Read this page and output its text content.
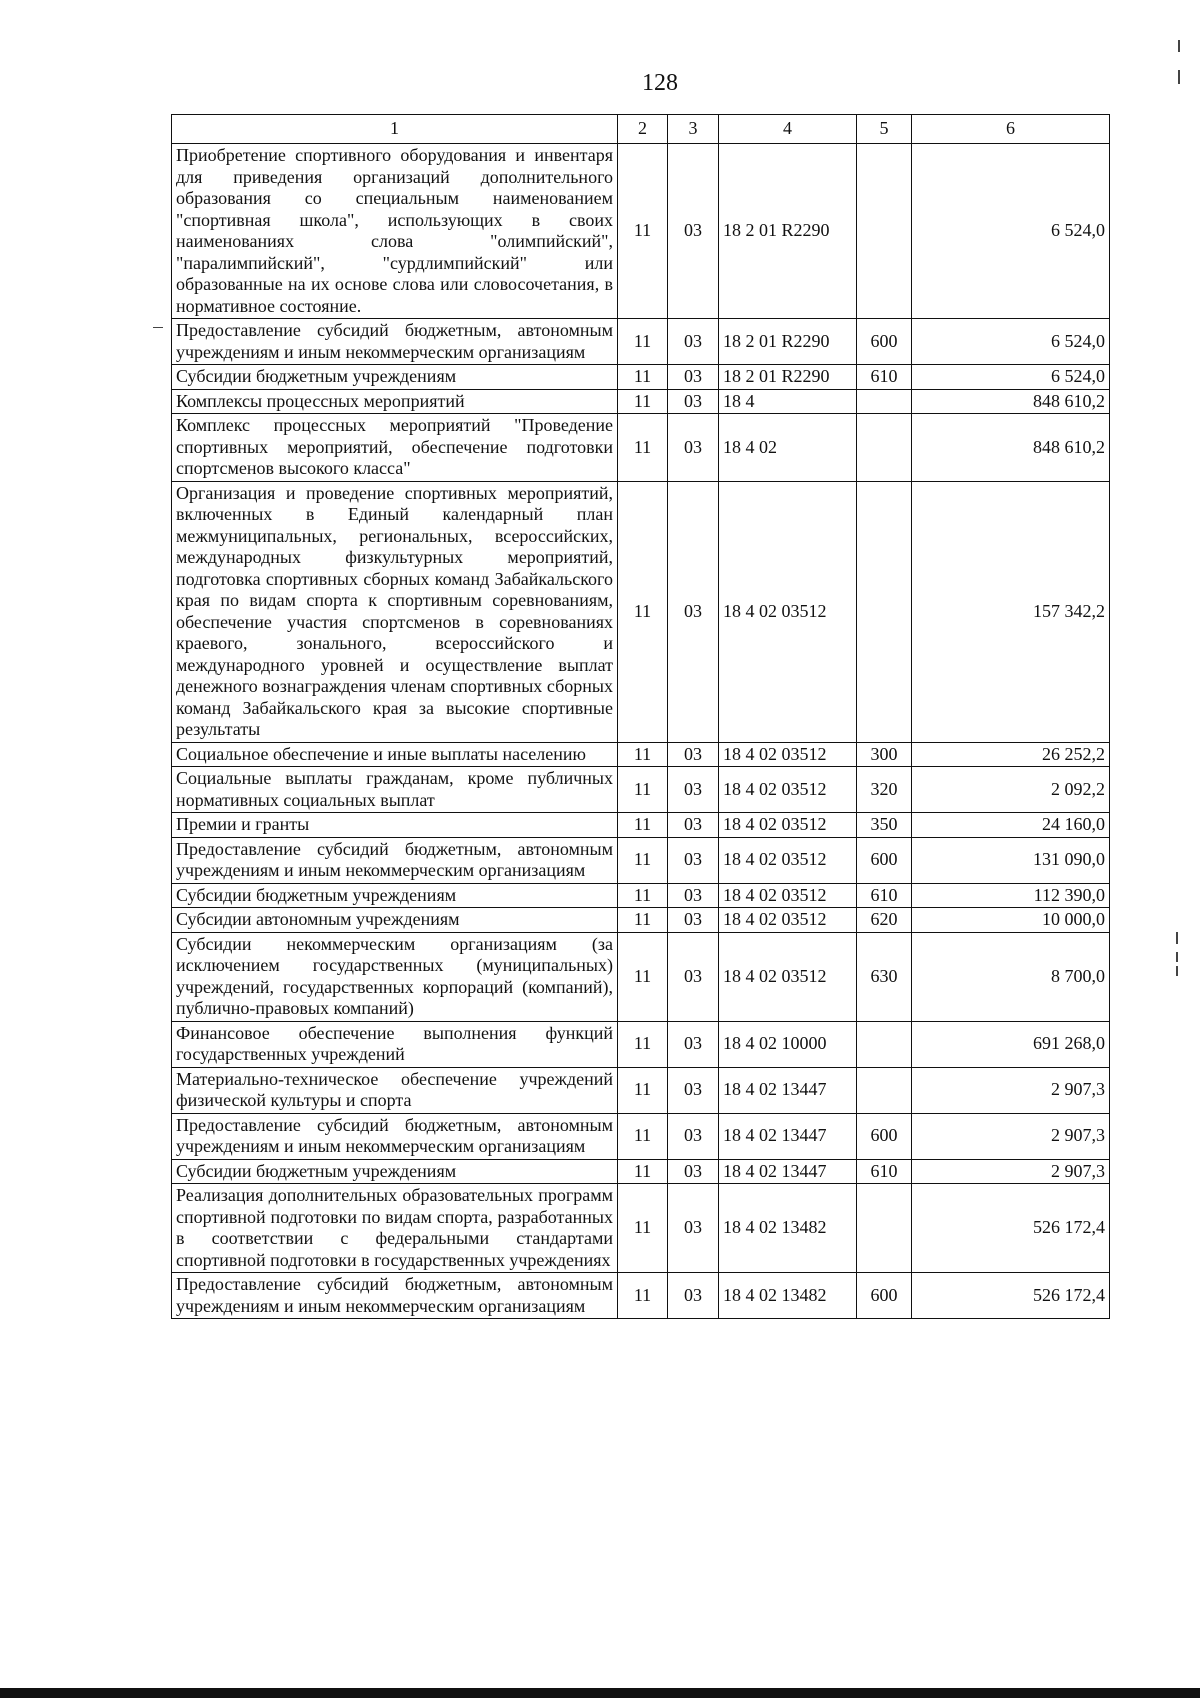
128
1	2	3	4	5	6
Приобретение спортивного оборудования и инвентаря для приведения организаций дополнительного образования со специальным наименованием "спортивная школа", использующих в своих наименованиях слова "олимпийский", "паралимпийский", "сурдлимпийский" или образованные на их основе слова или словосочетания, в нормативное состояние.	11	03	18 2 01 R2290		6 524,0
Предоставление субсидий бюджетным, автономным учреждениям и иным некоммерческим организациям	11	03	18 2 01 R2290	600	6 524,0
Субсидии бюджетным учреждениям	11	03	18 2 01 R2290	610	6 524,0
Комплексы процессных мероприятий	11	03	18 4		848 610,2
Комплекс процессных мероприятий "Проведение спортивных мероприятий, обеспечение подготовки спортсменов высокого класса"	11	03	18 4 02		848 610,2
Организация и проведение спортивных мероприятий, включенных в Единый календарный план межмуниципальных, региональных, всероссийских, международных физкультурных мероприятий, подготовка спортивных сборных команд Забайкальского края по видам спорта к спортивным соревнованиям, обеспечение участия спортсменов в соревнованиях краевого, зонального, всероссийского и международного уровней и осуществление выплат денежного вознаграждения членам спортивных сборных команд Забайкальского края за высокие спортивные результаты	11	03	18 4 02 03512		157 342,2
Социальное обеспечение и иные выплаты населению	11	03	18 4 02 03512	300	26 252,2
Социальные выплаты гражданам, кроме публичных нормативных социальных выплат	11	03	18 4 02 03512	320	2 092,2
Премии и гранты	11	03	18 4 02 03512	350	24 160,0
Предоставление субсидий бюджетным, автономным учреждениям и иным некоммерческим организациям	11	03	18 4 02 03512	600	131 090,0
Субсидии бюджетным учреждениям	11	03	18 4 02 03512	610	112 390,0
Субсидии автономным учреждениям	11	03	18 4 02 03512	620	10 000,0
Субсидии некоммерческим организациям (за исключением государственных (муниципальных) учреждений, государственных корпораций (компаний), публично-правовых компаний)	11	03	18 4 02 03512	630	8 700,0
Финансовое обеспечение выполнения функций государственных учреждений	11	03	18 4 02 10000		691 268,0
Материально-техническое обеспечение учреждений физической культуры и спорта	11	03	18 4 02 13447		2 907,3
Предоставление субсидий бюджетным, автономным учреждениям и иным некоммерческим организациям	11	03	18 4 02 13447	600	2 907,3
Субсидии бюджетным учреждениям	11	03	18 4 02 13447	610	2 907,3
Реализация дополнительных образовательных программ спортивной подготовки по видам спорта, разработанных в соответствии с федеральными стандартами спортивной подготовки в государственных учреждениях	11	03	18 4 02 13482		526 172,4
Предоставление субсидий бюджетным, автономным учреждениям и иным некоммерческим организациям	11	03	18 4 02 13482	600	526 172,4
